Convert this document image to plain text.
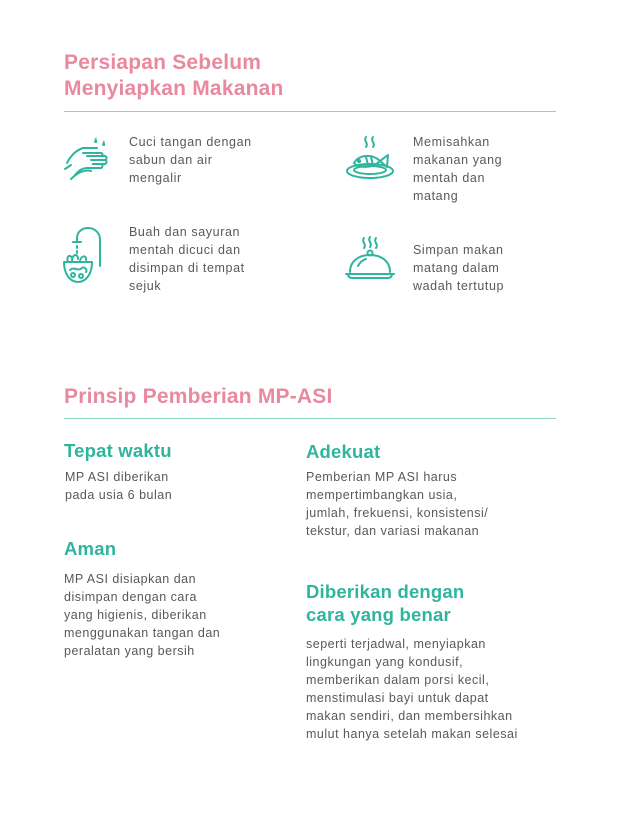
Persiapan Sebelum
Menyiapkan Makanan
Cuci tangan dengan
sabun dan air
mengalir
Memisahkan
makanan yang
mentah dan
matang
Buah dan sayuran
mentah dicuci dan
disimpan di tempat
sejuk
Simpan makan
matang dalam
wadah tertutup
Prinsip Pemberian MP-ASI
Tepat waktu
MP ASI diberikan
pada usia 6 bulan
Adekuat
Pemberian MP ASI harus
mempertimbangkan usia,
jumlah, frekuensi, konsistensi/
tekstur, dan variasi makanan
Aman
MP ASI disiapkan dan
disimpan dengan cara
yang higienis, diberikan
menggunakan tangan dan
peralatan yang bersih
Diberikan dengan
cara yang benar
seperti terjadwal, menyiapkan
lingkungan yang kondusif,
memberikan dalam porsi kecil,
menstimulasi bayi untuk dapat
makan sendiri, dan membersihkan
mulut hanya setelah makan selesai
